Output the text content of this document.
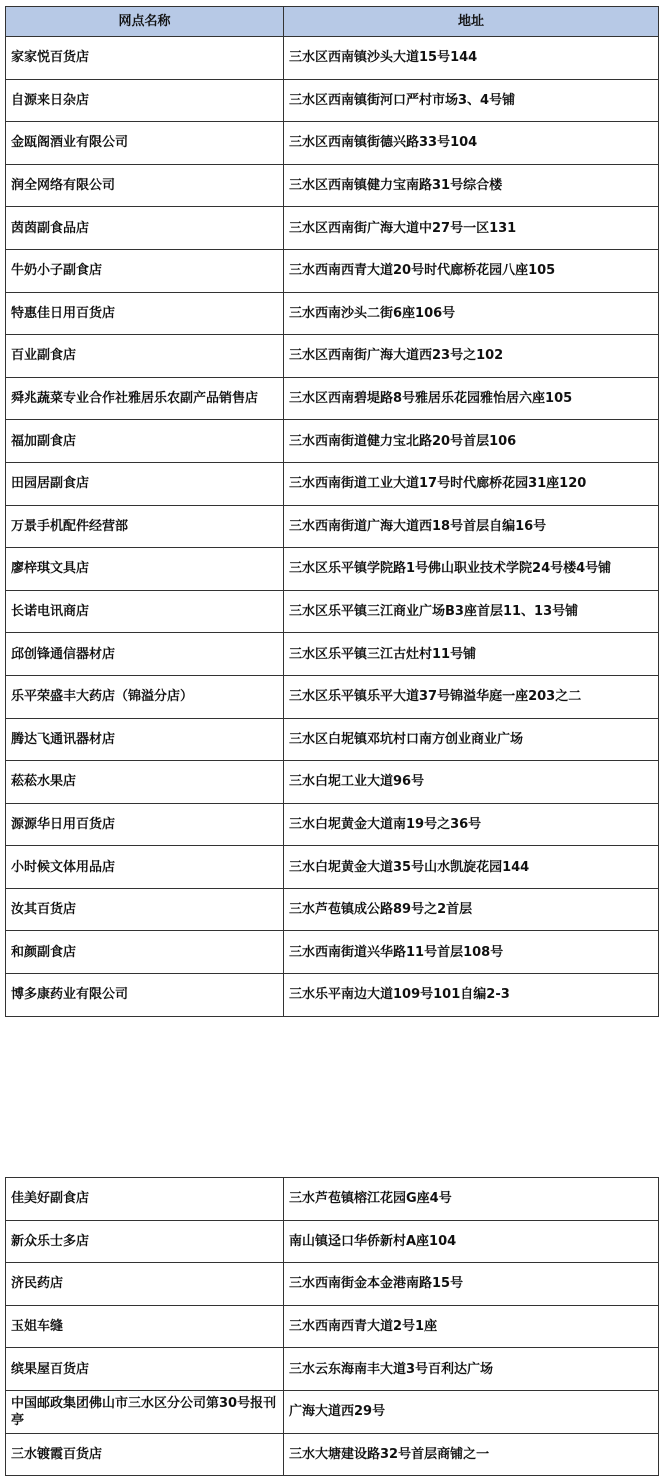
网点名称	地址
家家悦百货店	三水区西南镇沙头大道15号144
自源来日杂店	三水区西南镇街河口严村市场3、4号铺
金瓯阁酒业有限公司	三水区西南镇街德兴路33号104
润全网络有限公司	三水区西南镇健力宝南路31号综合楼
茵茵副食品店	三水区西南街广海大道中27号一区131
牛奶小子副食店	三水西南西青大道20号时代廊桥花园八座105
特惠佳日用百货店	三水西南沙头二街6座106号
百业副食店	三水区西南街广海大道西23号之102
舜兆蔬菜专业合作社雅居乐农副产品销售店	三水区西南碧堤路8号雅居乐花园雅怡居六座105
福加副食店	三水西南街道健力宝北路20号首层106
田园居副食店	三水西南街道工业大道17号时代廊桥花园31座120
万景手机配件经营部	三水西南街道广海大道西18号首层自编16号
廖梓琪文具店	三水区乐平镇学院路1号佛山职业技术学院24号楼4号铺
长诺电讯商店	三水区乐平镇三江商业广场B3座首层11、13号铺
邱创锋通信器材店	三水区乐平镇三江古灶村11号铺
乐平荣盛丰大药店（锦溢分店）	三水区乐平镇乐平大道37号锦溢华庭一座203之二
腾达飞通讯器材店	三水区白坭镇邓坑村口南方创业商业广场
菘菘水果店	三水白坭工业大道96号
源源华日用百货店	三水白坭黄金大道南19号之36号
小时候文体用品店	三水白坭黄金大道35号山水凯旋花园144
汝其百货店	三水芦苞镇成公路89号之2首层
和颜副食店	三水西南街道兴华路11号首层108号
博多康药业有限公司	三水乐平南边大道109号101自编2-3
佳美好副食店	三水芦苞镇榕江花园G座4号
新众乐士多店	南山镇迳口华侨新村A座104
济民药店	三水西南街金本金港南路15号
玉姐车缝	三水西南西青大道2号1座
缤果屋百货店	三水云东海南丰大道3号百利达广场
中国邮政集团佛山市三水区分公司第30号报刊亭	广海大道西29号
三水镀霞百货店	三水大塘建设路32号首层商铺之一
